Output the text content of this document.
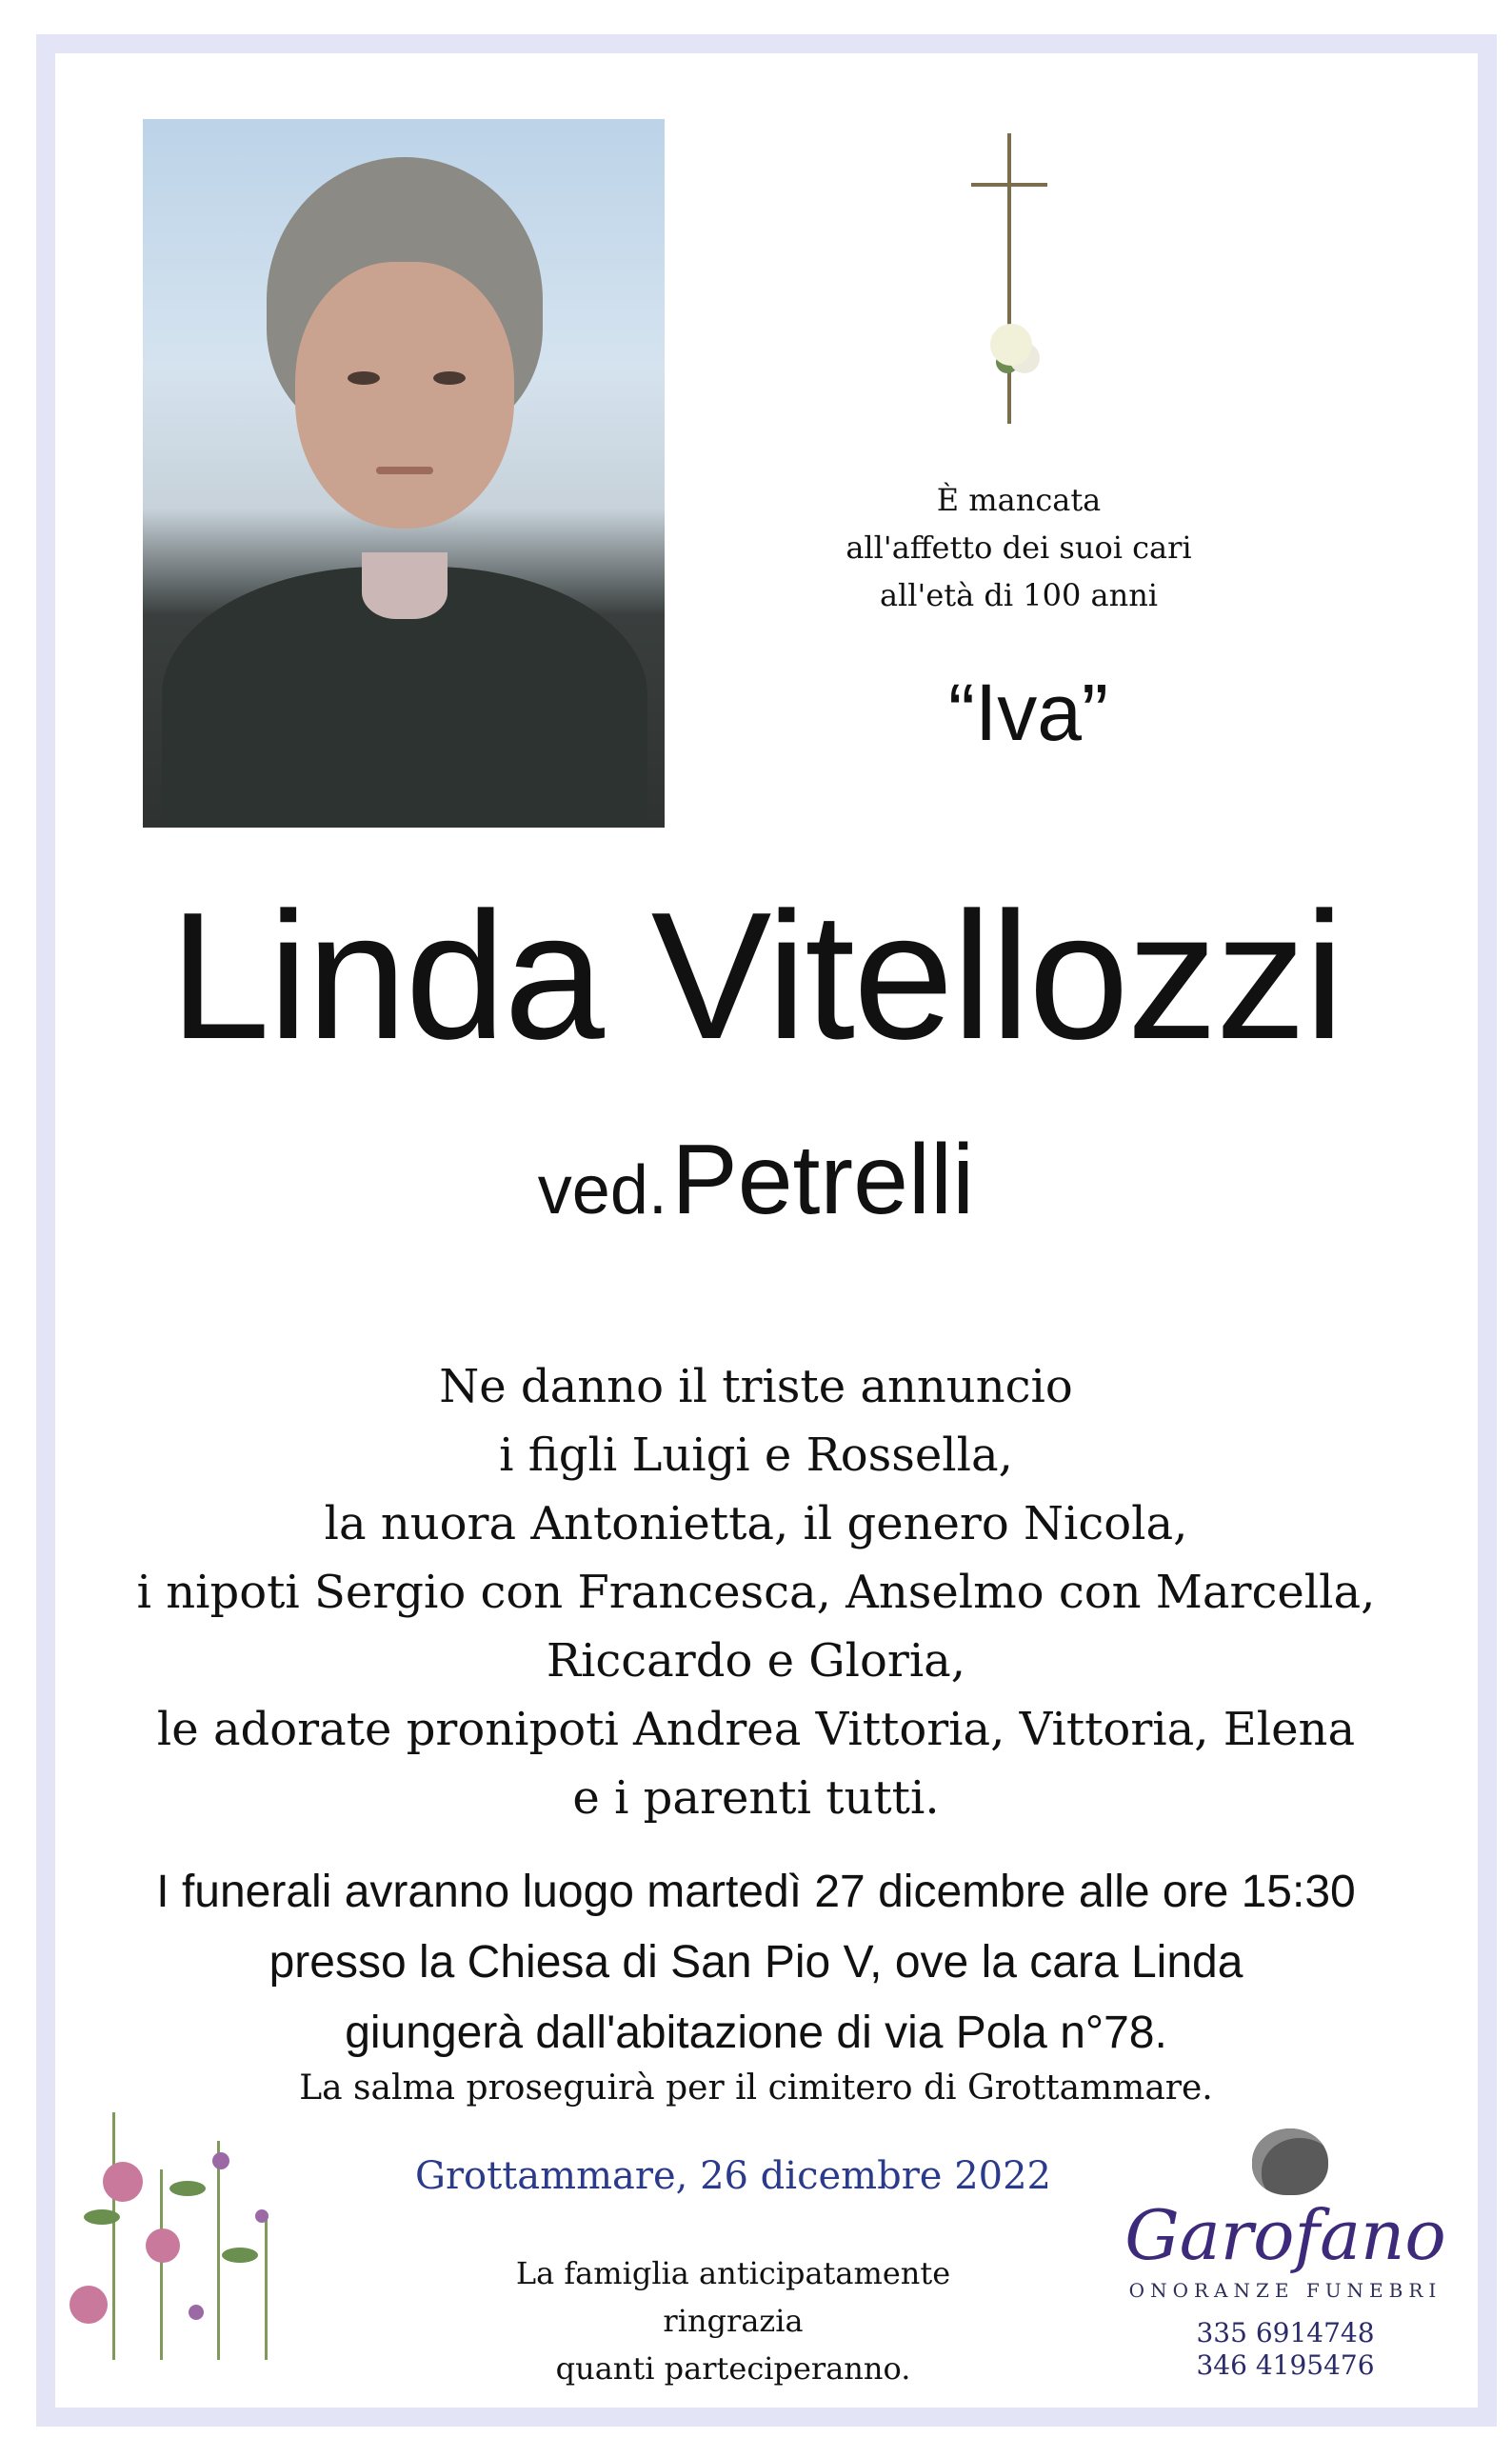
È mancata
all'affetto dei suoi cari
all'età di 100 anni
“Iva”
Linda Vitellozzi
ved. Petrelli
Ne danno il triste annuncio
i figli Luigi e Rossella,
la nuora Antonietta, il genero Nicola,
i nipoti Sergio con Francesca, Anselmo con Marcella,
Riccardo e Gloria,
le adorate pronipoti Andrea Vittoria, Vittoria, Elena
e i parenti tutti.
I funerali avranno luogo martedì 27 dicembre alle ore 15:30
presso la Chiesa di San Pio V, ove la cara Linda
giungerà dall'abitazione di via Pola n°78.
La salma proseguirà per il cimitero di Grottammare.
Grottammare, 26 dicembre 2022
La famiglia anticipatamente ringrazia
quanti parteciperanno.
Garofano
ONORANZE FUNEBRI
335 6914748
346 4195476
